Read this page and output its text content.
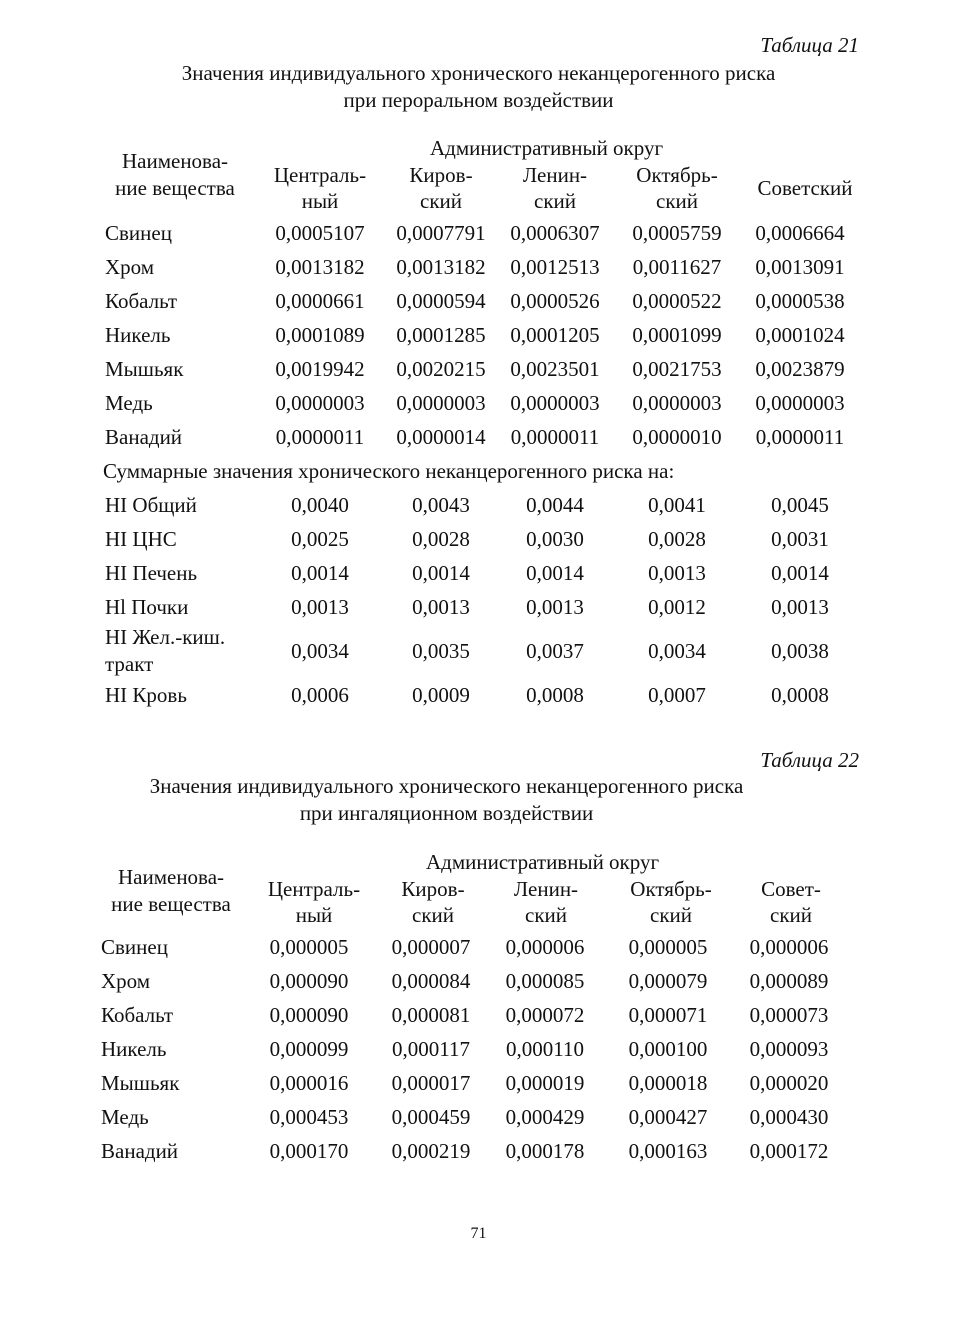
Таблица 21
Значения индивидуального хронического неканцерогенного риска
при пероральном воздействии
Административный округ
Наименова-
ние вещества
Централь-
ный
Киров-
ский
Ленин-
ский
Октябрь-
ский
Советский
Свинец	0,0005107	0,0007791	0,0006307	0,0005759	0,0006664
Хром	0,0013182	0,0013182	0,0012513	0,0011627	0,0013091
Кобальт	0,0000661	0,0000594	0,0000526	0,0000522	0,0000538
Никель	0,0001089	0,0001285	0,0001205	0,0001099	0,0001024
Мышьяк	0,0019942	0,0020215	0,0023501	0,0021753	0,0023879
Медь	0,0000003	0,0000003	0,0000003	0,0000003	0,0000003
Ванадий	0,0000011	0,0000014	0,0000011	0,0000010	0,0000011
Суммарные значения хронического неканцерогенного риска на:
HI Общий	0,0040	0,0043	0,0044	0,0041	0,0045
HI ЦНС	0,0025	0,0028	0,0030	0,0028	0,0031
HI Печень	0,0014	0,0014	0,0014	0,0013	0,0014
Hl Почки	0,0013	0,0013	0,0013	0,0012	0,0013
HI Жел.-киш.
тракт
0,0034	0,0035	0,0037	0,0034	0,0038
HI Кровь	0,0006	0,0009	0,0008	0,0007	0,0008
Таблица 22
Значения индивидуального хронического неканцерогенного риска
при ингаляционном воздействии
Административный округ
Наименова-
ние вещества
Централь-
ный
Киров-
ский
Ленин-
ский
Октябрь-
ский
Совет-
ский
Свинец	0,000005	0,000007	0,000006	0,000005	0,000006
Хром	0,000090	0,000084	0,000085	0,000079	0,000089
Кобальт	0,000090	0,000081	0,000072	0,000071	0,000073
Никель	0,000099	0,000117	0,000110	0,000100	0,000093
Мышьяк	0,000016	0,000017	0,000019	0,000018	0,000020
Медь	0,000453	0,000459	0,000429	0,000427	0,000430
Ванадий	0,000170	0,000219	0,000178	0,000163	0,000172
71
